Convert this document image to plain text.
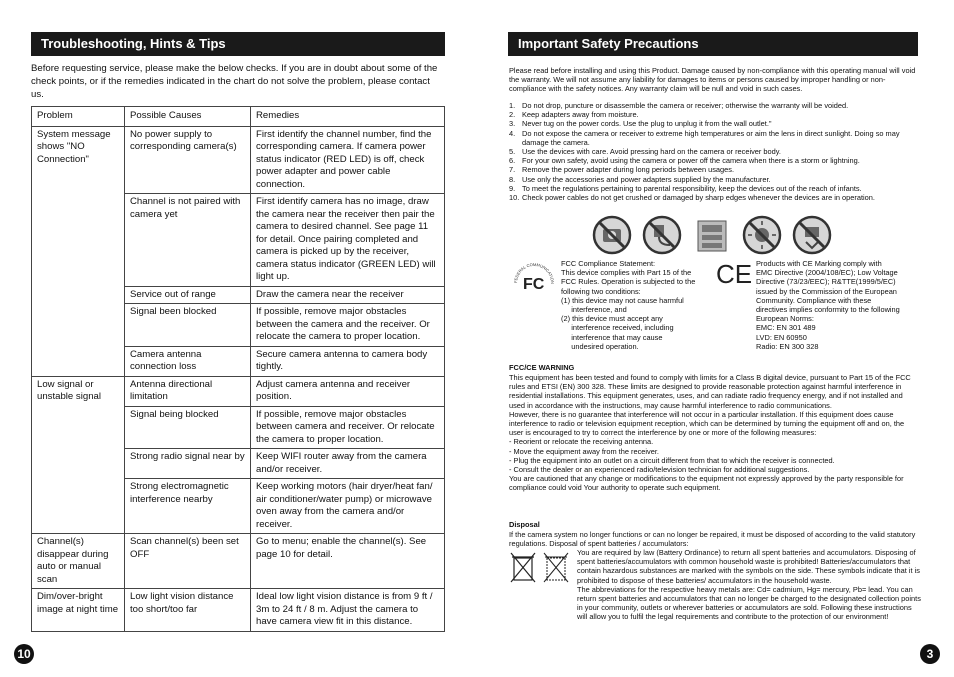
Troubleshooting, Hints & Tips
Before requesting service, please make the below checks. If you are in doubt about some of the check points, or if the remedies indicated in the chart do not solve the problem, please contact us.
Problem	Possible Causes	Remedies
System message shows "NO Connection"	No power supply to corresponding camera(s)	First identify the channel number, find the corresponding camera. If camera power status indicator (RED LED) is off, check power adapter and power cable connection.
	Channel is not paired with camera yet	First identify camera has no image, draw the camera near the receiver then pair the camera to desired channel. See page 11 for detail. Once pairing completed and camera is picked up by the receiver, camera status indicator (GREEN LED) will light up.
	Service out of range	Draw the camera near the receiver
	Signal been blocked	If possible, remove major obstacles between the camera and the receiver. Or relocate the camera to proper location.
	Camera antenna connection loss	Secure camera antenna to camera body tightly.
Low signal or unstable signal	Antenna directional limitation	Adjust camera antenna and receiver position.
	Signal being blocked	If possible, remove major obstacles between camera and receiver. Or relocate the camera to proper location.
	Strong radio signal near by	Keep WIFI router away from the camera and/or receiver.
	Strong electromagnetic interference nearby	Keep working motors (hair dryer/heat fan/ air conditioner/water pump) or microwave oven away from the camera and/or receiver.
Channel(s) disappear during auto or manual scan	Scan channel(s) been set OFF	Go to menu; enable the channel(s). See page 10 for detail.
Dim/over-bright image at night time	Low light vision distance too short/too far	Ideal low light vision distance is from 9 ft / 3m to 24 ft / 8 m. Adjust the camera to have camera view fit in this distance.
10
Important Safety Precautions
Please read before installing and using this Product. Damage caused by non-compliance with this operating manual will void the warranty. We will not assume any liability for damages to items or persons caused by improper handling or non-compliance with the safety notices. Any warranty claim will be null and void in such cases.
1. Do not drop, puncture or disassemble the camera or receiver; otherwise the warranty will be voided.
2. Keep adapters away from moisture.
3. Never tug on the power cords. Use the plug to unplug it from the wall outlet."
4. Do not expose the camera or receiver to extreme high temperatures or aim the lens in direct sunlight. Doing so may damage the camera.
5. Use the devices with care. Avoid pressing hard on the camera or receiver body.
6. For your own safety, avoid using the camera or power off the camera when there is a storm or lightning.
7. Remove the power adapter during long periods between usages.
8. Use only the accessories and power adapters supplied by the manufacturer.
9. To meet the regulations pertaining to parental responsibility, keep the devices out of the reach of infants.
10. Check power cables do not get crushed or damaged by sharp edges whenever the devices are in operation.
FEDERAL COMMUNICATION
FC
FCC Compliance Statement:
This device complies with Part 15 of the
FCC Rules. Operation is subjected to the
following two conditions:
(1) this device may not cause harmful
interference, and
(2) this device must accept any
interference received, including
interference that may cause
undesired operation.
CE Products with CE Marking comply with
EMC Directive (2004/108/EC); Low Voltage
Directive (73/23/EEC); R&TTE(1999/5/EC)
issued by the Commission of the European
Community. Compliance with these
directives implies conformity to the following
European Norms:
EMC: EN 301 489
LVD: EN 60950
Radio: EN 300 328
FCC/CE WARNING
This equipment has been tested and found to comply with limits for a Class B digital device, pursuant to Part 15 of the FCC rules and ETSI (EN) 300 328. These limits are designed to provide reasonable protection against harmful interference in residential installations. This equipment generates, uses, and can radiate radio frequency energy, and if not installed and used in accordance with the instructions, may cause harmful interference to radio communications.
However, there is no guarantee that interference will not occur in a particular installation. If this equipment does cause interference to radio or television equipment reception, which can be determined by turning the equipment off and on, the user is encouraged to try to correct the interference by one or more of the following measures:
- Reorient or relocate the receiving antenna.
- Move the equipment away from the receiver.
- Plug the equipment into an outlet on a circuit different from that to which the receiver is connected.
- Consult the dealer or an experienced radio/television technician for additional suggestions.
You are cautioned that any change or modifications to the equipment not expressly approved by the party responsible for compliance could void Your authority to operate such equipment.
Disposal
If the camera system no longer functions or can no longer be repaired, it must be disposed of according to the valid statutory regulations. Disposal of spent batteries / accumulators:
You are required by law (Battery Ordinance) to return all spent batteries and accumulators. Disposing of spent batteries/accumulators with common household waste is prohibited! Batteries/accumulators that contain hazardous substances are marked with the symbols on the side. These symbols indicate that it is prohibited to dispose of these batteries/ accumulators in the household waste.
The abbreviations for the respective heavy metals are: Cd= cadmium, Hg= mercury, Pb= lead. You can return spent batteries and accumulators that can no longer be charged to the designated collection points in your community, outlets or wherever batteries or accumulators are sold. Following these instructions will allow you to fulfil the legal requirements and contribute to the protection of our environment!
3
